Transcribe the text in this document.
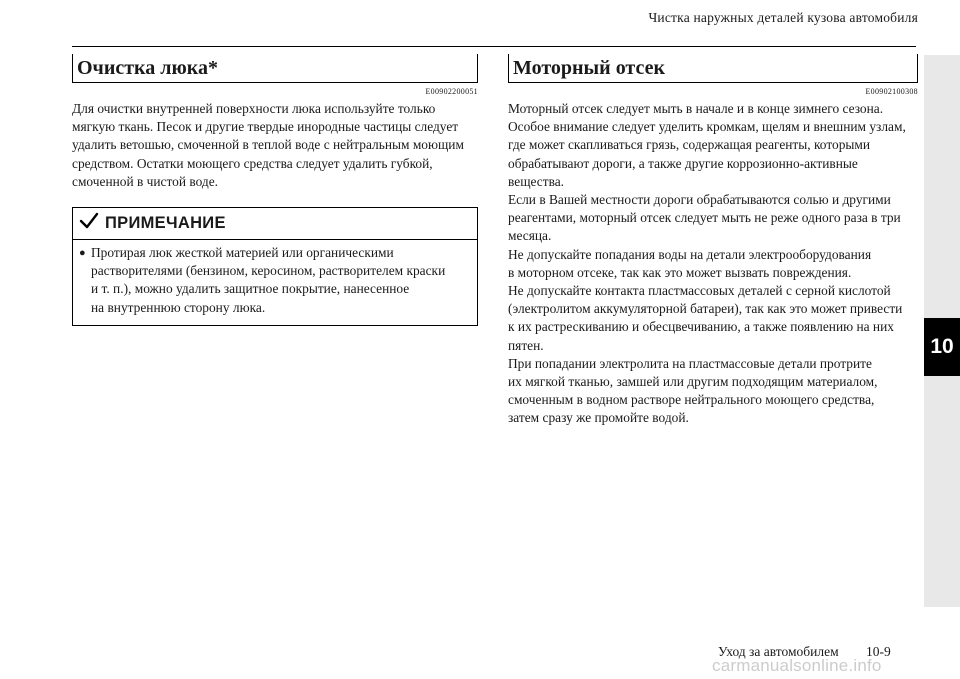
Чистка наружных деталей кузова автомобиля
10
Очистка люка*
E00902200051
Для очистки внутренней поверхности люка используйте только
мягкую ткань. Песок и другие твердые инородные частицы следует
удалить ветошью, смоченной в теплой воде с нейтральным моющим
средством. Остатки моющего средства следует удалить губкой,
смоченной в чистой воде.
ПРИМЕЧАНИЕ
● Протирая люк жесткой материей или органическими
растворителями (бензином, керосином, растворителем краски
и т. п.), можно удалить защитное покрытие, нанесенное
на внутреннюю сторону люка.
Моторный отсек
E00902100308
Моторный отсек следует мыть в начале и в конце зимнего сезона.
Особое внимание следует уделить кромкам, щелям и внешним узлам,
где может скапливаться грязь, содержащая реагенты, которыми
обрабатывают дороги, а также другие коррозионно-активные
вещества.
Если в Вашей местности дороги обрабатываются солью и другими
реагентами, моторный отсек следует мыть не реже одного раза в три
месяца.
Не допускайте попадания воды на детали электрооборудования
в моторном отсеке, так как это может вызвать повреждения.
Не допускайте контакта пластмассовых деталей с серной кислотой
(электролитом аккумуляторной батареи), так как это может привести
к их растрескиванию и обесцвечиванию, а также появлению на них
пятен.
При попадании электролита на пластмассовые детали протрите
их мягкой тканью, замшей или другим подходящим материалом,
смоченным в водном растворе нейтрального моющего средства,
затем сразу же промойте водой.
Уход за автомобилем 10-9
carmanualsonline.info
